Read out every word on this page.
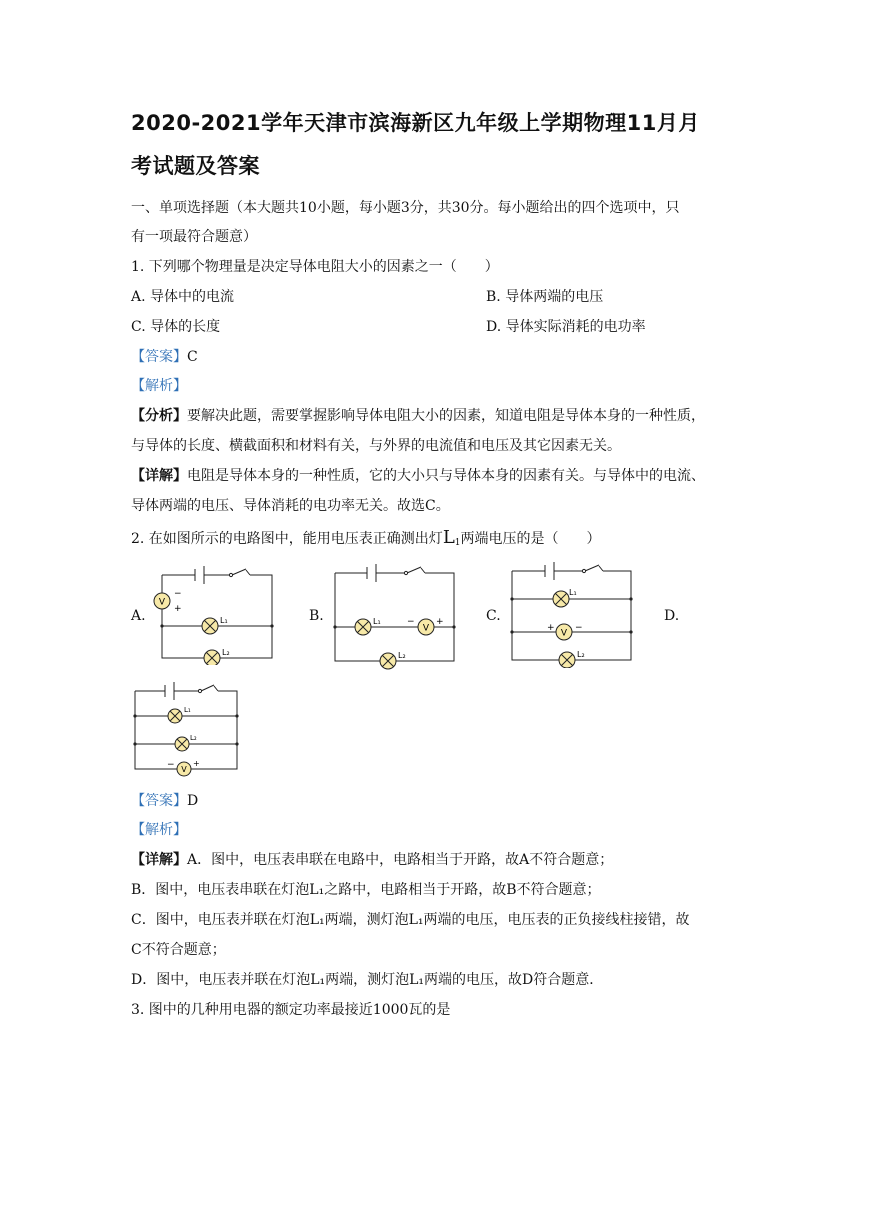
2020-2021学年天津市滨海新区九年级上学期物理11月月
考试题及答案
一、单项选择题（本大题共10小题，每小题3分，共30分。每小题给出的四个选项中，只
有一项最符合题意）
1. 下列哪个物理量是决定导体电阻大小的因素之一（　　）
A. 导体中的电流	B. 导体两端的电压
C. 导体的长度	D. 导体实际消耗的电功率
【答案】C
【解析】
【分析】要解决此题，需要掌握影响导体电阻大小的因素，知道电阻是导体本身的一种性质，
与导体的长度、横截面积和材料有关，与外界的电流值和电压及其它因素无关。
【详解】电阻是导体本身的一种性质，它的大小只与导体本身的因素有关。与导体中的电流、
导体两端的电压、导体消耗的电功率无关。故选C。
2. 在如图所示的电路图中，能用电压表正确测出灯$L_1$两端电压的是（　　）
A.	B.	C.	D.
V
−
+
L₁
L₂
L₁
V
− +
L₂
L₁
V
+ −
L₂
L₁
L₂
V
− +
【答案】D
【解析】
【详解】A．图中，电压表串联在电路中，电路相当于开路，故A不符合题意；
B．图中，电压表串联在灯泡L₁之路中，电路相当于开路，故B不符合题意；
C．图中，电压表并联在灯泡L₁两端，测灯泡L₁两端的电压，电压表的正负接线柱接错，故
C不符合题意；
D．图中，电压表并联在灯泡L₁两端，测灯泡L₁两端的电压，故D符合题意．
3. 图中的几种用电器的额定功率最接近1000瓦的是
